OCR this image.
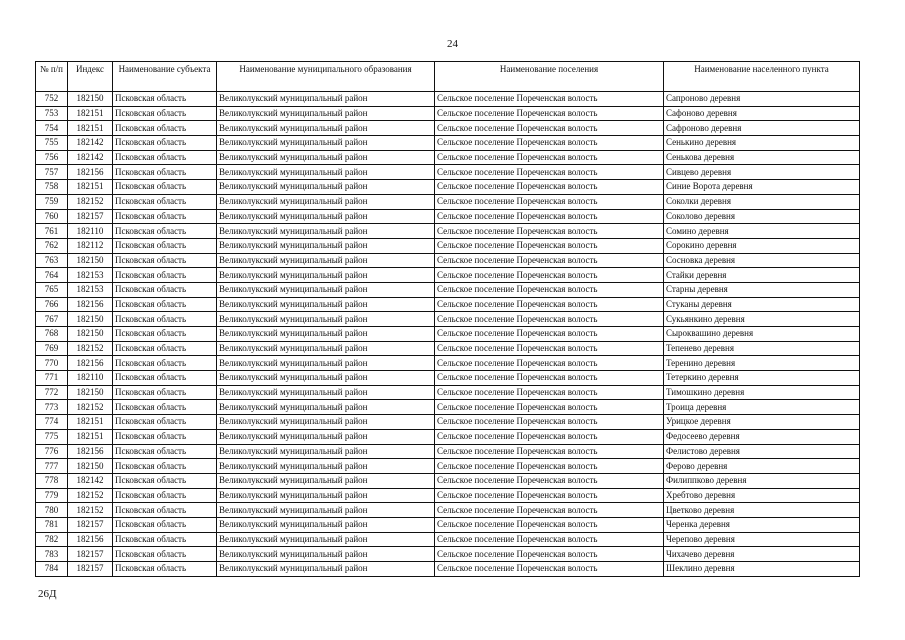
24
№ п/п	Индекс	Наименование субъекта	Наименование муниципального образования	Наименование поселения	Наименование населенного пункта
752	182150	Псковская область	Великолукский муниципальный район	Сельское поселение Пореченская волость	Сапроново деревня
753	182151	Псковская область	Великолукский муниципальный район	Сельское поселение Пореченская волость	Сафоново деревня
754	182151	Псковская область	Великолукский муниципальный район	Сельское поселение Пореченская волость	Сафроново деревня
755	182142	Псковская область	Великолукский муниципальный район	Сельское поселение Пореченская волость	Сенькино деревня
756	182142	Псковская область	Великолукский муниципальный район	Сельское поселение Пореченская волость	Сенькова деревня
757	182156	Псковская область	Великолукский муниципальный район	Сельское поселение Пореченская волость	Сивцево деревня
758	182151	Псковская область	Великолукский муниципальный район	Сельское поселение Пореченская волость	Синие Ворота деревня
759	182152	Псковская область	Великолукский муниципальный район	Сельское поселение Пореченская волость	Соколки деревня
760	182157	Псковская область	Великолукский муниципальный район	Сельское поселение Пореченская волость	Соколово деревня
761	182110	Псковская область	Великолукский муниципальный район	Сельское поселение Пореченская волость	Сомино деревня
762	182112	Псковская область	Великолукский муниципальный район	Сельское поселение Пореченская волость	Сорокино деревня
763	182150	Псковская область	Великолукский муниципальный район	Сельское поселение Пореченская волость	Сосновка деревня
764	182153	Псковская область	Великолукский муниципальный район	Сельское поселение Пореченская волость	Стайки деревня
765	182153	Псковская область	Великолукский муниципальный район	Сельское поселение Пореченская волость	Старны деревня
766	182156	Псковская область	Великолукский муниципальный район	Сельское поселение Пореченская волость	Стуканы деревня
767	182150	Псковская область	Великолукский муниципальный район	Сельское поселение Пореченская волость	Сукьянкино деревня
768	182150	Псковская область	Великолукский муниципальный район	Сельское поселение Пореченская волость	Сыроквашино деревня
769	182152	Псковская область	Великолукский муниципальный район	Сельское поселение Пореченская волость	Тепенево деревня
770	182156	Псковская область	Великолукский муниципальный район	Сельское поселение Пореченская волость	Теренино деревня
771	182110	Псковская область	Великолукский муниципальный район	Сельское поселение Пореченская волость	Тетеркино деревня
772	182150	Псковская область	Великолукский муниципальный район	Сельское поселение Пореченская волость	Тимошкино деревня
773	182152	Псковская область	Великолукский муниципальный район	Сельское поселение Пореченская волость	Троица деревня
774	182151	Псковская область	Великолукский муниципальный район	Сельское поселение Пореченская волость	Урицкое деревня
775	182151	Псковская область	Великолукский муниципальный район	Сельское поселение Пореченская волость	Федосеево деревня
776	182156	Псковская область	Великолукский муниципальный район	Сельское поселение Пореченская волость	Фелистово деревня
777	182150	Псковская область	Великолукский муниципальный район	Сельское поселение Пореченская волость	Ферово деревня
778	182142	Псковская область	Великолукский муниципальный район	Сельское поселение Пореченская волость	Филиппково деревня
779	182152	Псковская область	Великолукский муниципальный район	Сельское поселение Пореченская волость	Хребтово деревня
780	182152	Псковская область	Великолукский муниципальный район	Сельское поселение Пореченская волость	Цветково деревня
781	182157	Псковская область	Великолукский муниципальный район	Сельское поселение Пореченская волость	Черенка деревня
782	182156	Псковская область	Великолукский муниципальный район	Сельское поселение Пореченская волость	Черепово деревня
783	182157	Псковская область	Великолукский муниципальный район	Сельское поселение Пореченская волость	Чихачево деревня
784	182157	Псковская область	Великолукский муниципальный район	Сельское поселение Пореченская волость	Шеклино деревня
26Д
